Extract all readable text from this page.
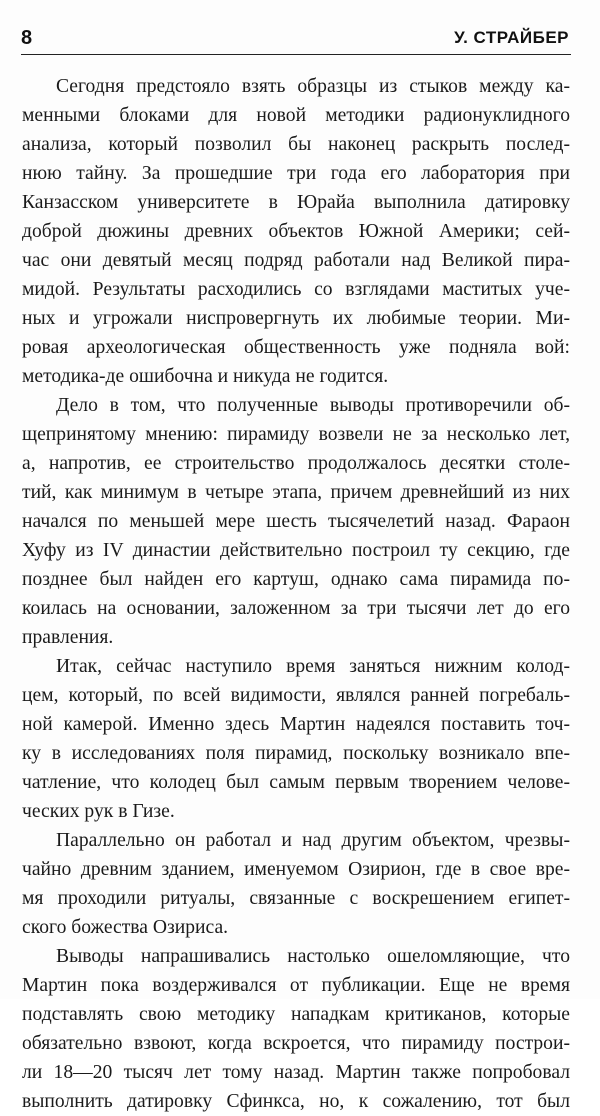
8	У. СТРАЙБЕР
Сегодня предстояло взять образцы из стыков между ка-
менными блоками для новой методики радионуклидного
анализа, который позволил бы наконец раскрыть послед-
нюю тайну. За прошедшие три года его лаборатория при
Канзасском университете в Юрайа выполнила датировку
доброй дюжины древних объектов Южной Америки; сей-
час они девятый месяц подряд работали над Великой пира-
мидой. Результаты расходились со взглядами маститых уче-
ных и угрожали ниспровергнуть их любимые теории. Ми-
ровая археологическая общественность уже подняла вой:
методика-де ошибочна и никуда не годится.
Дело в том, что полученные выводы противоречили об-
щепринятому мнению: пирамиду возвели не за несколько лет,
а, напротив, ее строительство продолжалось десятки столе-
тий, как минимум в четыре этапа, причем древнейший из них
начался по меньшей мере шесть тысячелетий назад. Фараон
Хуфу из IV династии действительно построил ту секцию, где
позднее был найден его картуш, однако сама пирамида по-
коилась на основании, заложенном за три тысячи лет до его
правления.
Итак, сейчас наступило время заняться нижним колод-
цем, который, по всей видимости, являлся ранней погребаль-
ной камерой. Именно здесь Мартин надеялся поставить точ-
ку в исследованиях поля пирамид, поскольку возникало впе-
чатление, что колодец был самым первым творением челове-
ческих рук в Гизе.
Параллельно он работал и над другим объектом, чрезвы-
чайно древним зданием, именуемом Озирион, где в свое вре-
мя проходили ритуалы, связанные с воскрешением египет-
ского божества Озириса.
Выводы напрашивались настолько ошеломляющие, что
Мартин пока воздерживался от публикации. Еще не время
подставлять свою методику нападкам критиканов, которые
обязательно взвоют, когда вскроется, что пирамиду построи-
ли 18—20 тысяч лет тому назад. Мартин также попробовал
выполнить датировку Сфинкса, но, к сожалению, тот был
